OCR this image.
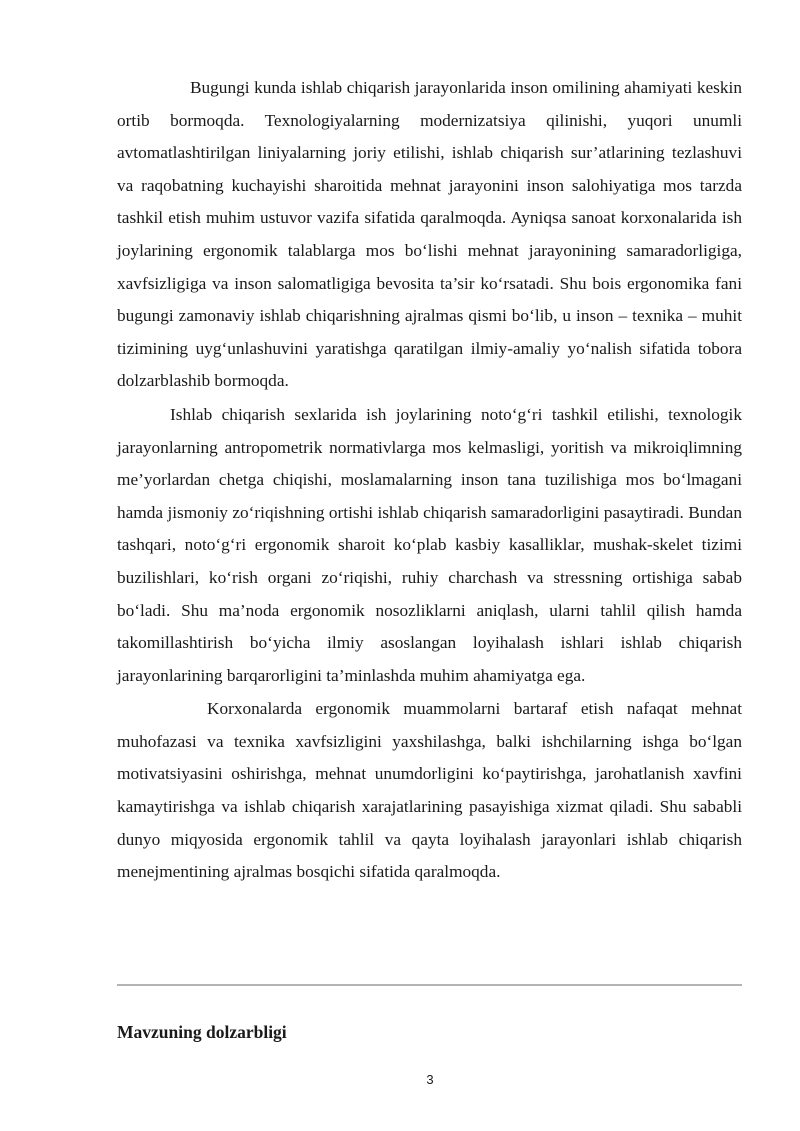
Bugungi kunda ishlab chiqarish jarayonlarida inson omilining ahamiyati keskin ortib bormoqda. Texnologiyalarning modernizatsiya qilinishi, yuqori unumli avtomatlashtirilgan liniyalarning joriy etilishi, ishlab chiqarish sur’atlarining tezlashuvi va raqobatning kuchayishi sharoitida mehnat jarayonini inson salohiyatiga mos tarzda tashkil etish muhim ustuvor vazifa sifatida qaralmoqda. Ayniqsa sanoat korxonalarida ish joylarining ergonomik talablarga mos bo‘lishi mehnat jarayonining samaradorligiga, xavfsizligiga va inson salomatligiga bevosita ta’sir ko‘rsatadi. Shu bois ergonomika fani bugungi zamonaviy ishlab chiqarishning ajralmas qismi bo‘lib, u inson – texnika – muhit tizimining uyg‘unlashuvini yaratishga qaratilgan ilmiy-amaliy yo‘nalish sifatida tobora dolzarblashib bormoqda.

Ishlab chiqarish sexlarida ish joylarining noto‘g‘ri tashkil etilishi, texnologik jarayonlarning antropometrik normativlarga mos kelmasligi, yoritish va mikroiqlimning me’yorlardan chetga chiqishi, moslamalarning inson tana tuzilishiga mos bo‘lmagani hamda jismoniy zo‘riqishning ortishi ishlab chiqarish samaradorligini pasaytiradi. Bundan tashqari, noto‘g‘ri ergonomik sharoit ko‘plab kasbiy kasalliklar, mushak-skelet tizimi buzilishlari, ko‘rish organi zo‘riqishi, ruhiy charchash va stressning ortishiga sabab bo‘ladi. Shu ma’noda ergonomik nosozliklarni aniqlash, ularni tahlil qilish hamda takomillashtirish bo‘yicha ilmiy asoslangan loyihalash ishlari ishlab chiqarish jarayonlarining barqarorligini ta’minlashda muhim ahamiyatga ega.

Korxonalarda ergonomik muammolarni bartaraf etish nafaqat mehnat muhofazasi va texnika xavfsizligini yaxshilashga, balki ishchilarning ishga bo‘lgan motivatsiyasini oshirishga, mehnat unumdorligini ko‘paytirishga, jarohatlanish xavfini kamaytirishga va ishlab chiqarish xarajatlarining pasayishiga xizmat qiladi. Shu sababli dunyo miqyosida ergonomik tahlil va qayta loyihalash jarayonlari ishlab chiqarish menejmentining ajralmas bosqichi sifatida qaralmoqda.

Mavzuning dolzarbligi
3
